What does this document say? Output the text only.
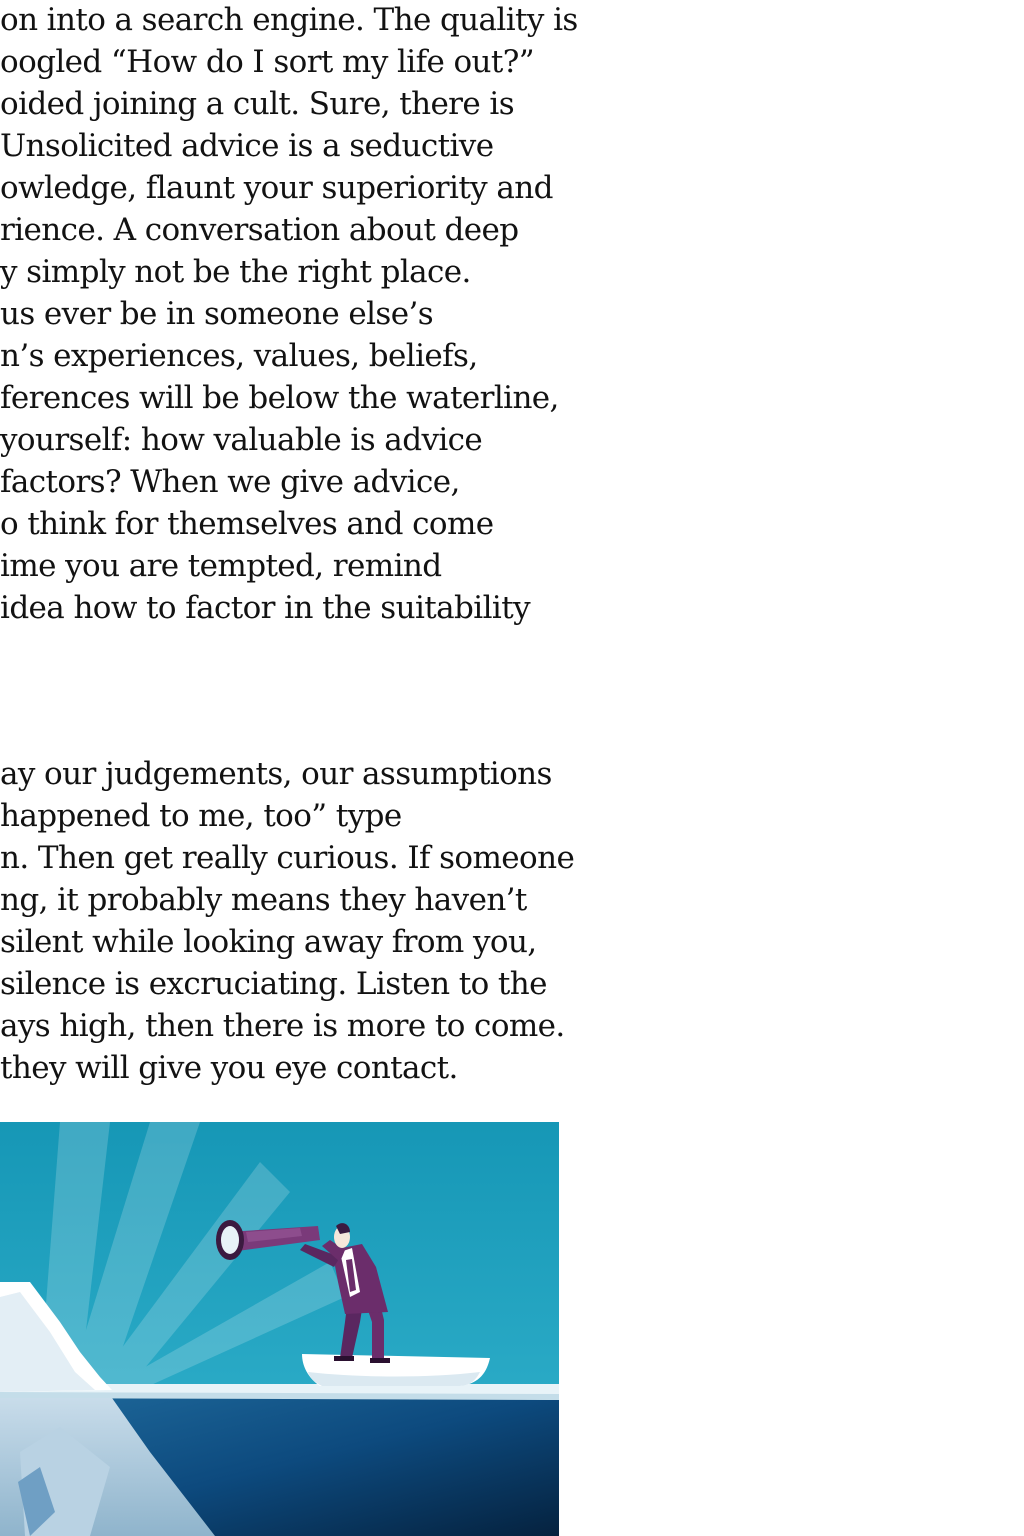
on into a search engine. The quality is
oogled “How do I sort my life out?”
oided joining a cult. Sure, there is
Unsolicited advice is a seductive
owledge, flaunt your superiority and
rience. A conversation about deep
y simply not be the right place.
us ever be in someone else’s
n’s experiences, values, beliefs,
ferences will be below the waterline,
yourself: how valuable is advice
factors? When we give advice,
o think for themselves and come
ime you are tempted, remind
idea how to factor in the suitability
ay our judgements, our assumptions
happened to me, too” type
n. Then get really curious. If someone
ng, it probably means they haven’t
silent while looking away from you,
silence is excruciating. Listen to the
ays high, then there is more to come.
they will give you eye contact.
